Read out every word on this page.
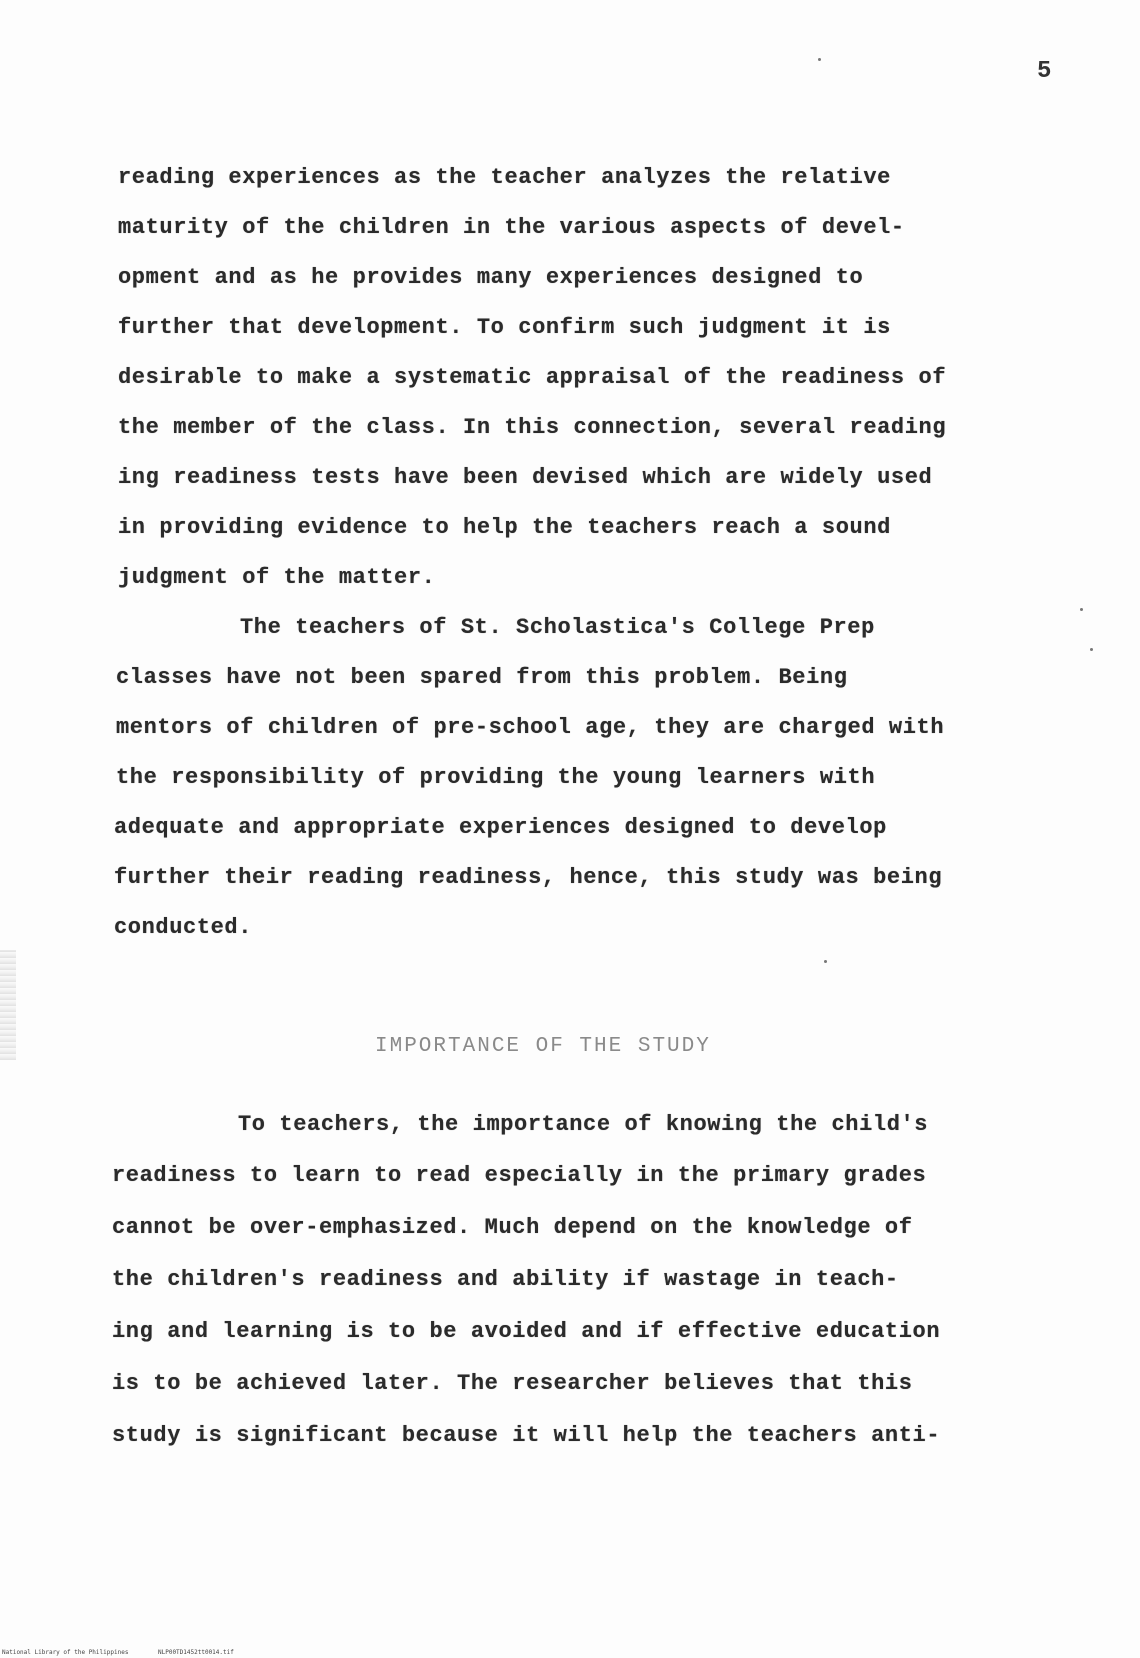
5
reading experiences as the teacher analyzes the relative
maturity of the children in the various aspects of devel-
opment and as he provides many experiences designed to
further that development. To confirm such judgment it is
desirable to make a systematic appraisal of the readiness of
the member of the class. In this connection, several reading
ing readiness tests have been devised which are widely used
in providing evidence to help the teachers reach a sound
judgment of the matter.
The teachers of St. Scholastica's College Prep
classes have not been spared from this problem. Being
mentors of children of pre-school age, they are charged with
the responsibility of providing the young learners with
adequate and appropriate experiences designed to develop
further their reading readiness, hence, this study was being
conducted.
IMPORTANCE OF THE STUDY
To teachers, the importance of knowing the child's
readiness to learn to read especially in the primary grades
cannot be over-emphasized. Much depend on the knowledge of
the children's readiness and ability if wastage in teach-
ing and learning is to be avoided and if effective education
is to be achieved later. The researcher believes that this
study is significant because it will help the teachers anti-
National Library of the Philippines	NLP00TD1452tt0014.tif
